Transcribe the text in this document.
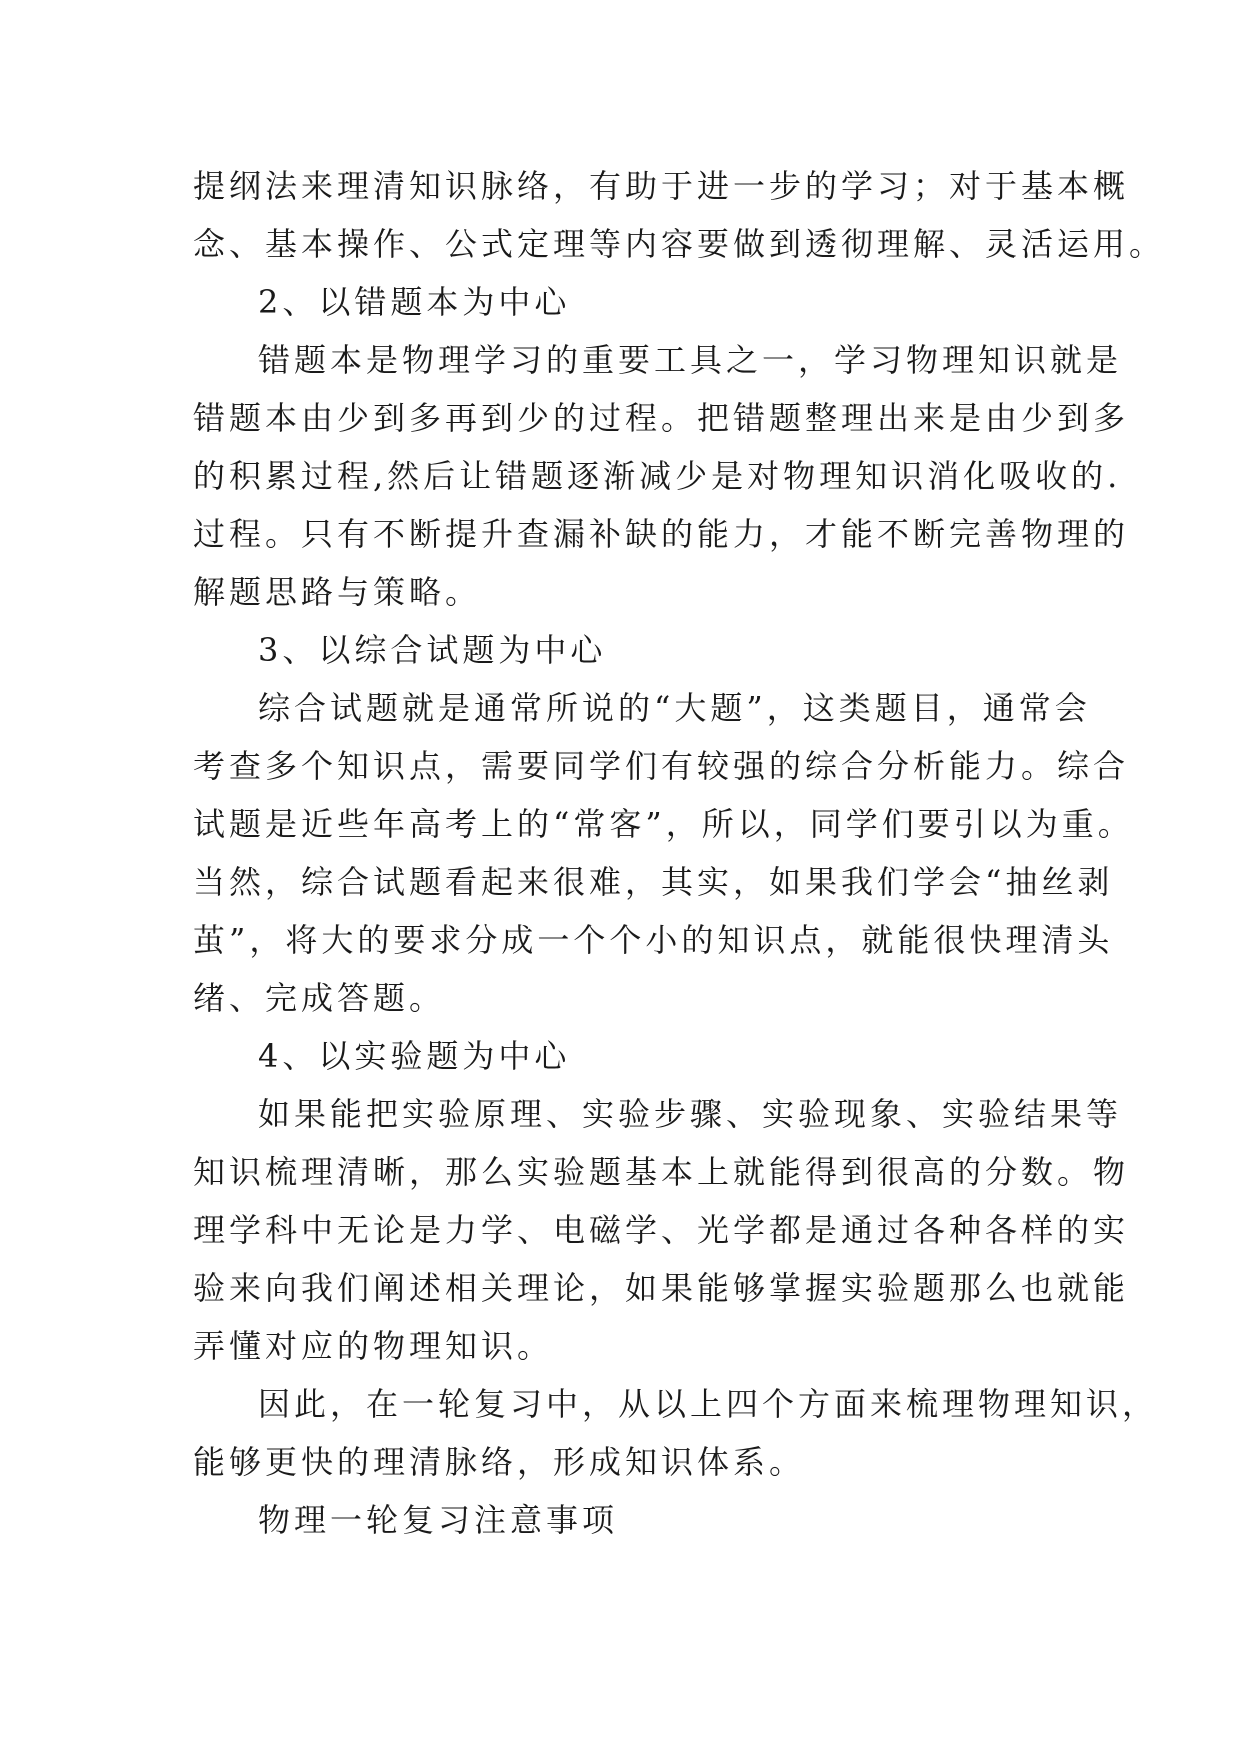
提纲法来理清知识脉络，有助于进一步的学习；对于基本概

念、基本操作、公式定理等内容要做到透彻理解、灵活运用。

2、以错题本为中心

错题本是物理学习的重要工具之一，学习物理知识就是

错题本由少到多再到少的过程。把错题整理出来是由少到多

的积累过程,然后让错题逐渐减少是对物理知识消化吸收的.

过程。只有不断提升查漏补缺的能力，才能不断完善物理的

解题思路与策略。

3、以综合试题为中心

综合试题就是通常所说的“大题”，这类题目，通常会

考查多个知识点，需要同学们有较强的综合分析能力。综合

试题是近些年高考上的“常客”，所以，同学们要引以为重。

当然，综合试题看起来很难，其实，如果我们学会“抽丝剥

茧”，将大的要求分成一个个小的知识点，就能很快理清头

绪、完成答题。

4、以实验题为中心

如果能把实验原理、实验步骤、实验现象、实验结果等

知识梳理清晰，那么实验题基本上就能得到很高的分数。物

理学科中无论是力学、电磁学、光学都是通过各种各样的实

验来向我们阐述相关理论，如果能够掌握实验题那么也就能

弄懂对应的物理知识。

因此，在一轮复习中，从以上四个方面来梳理物理知识，

能够更快的理清脉络，形成知识体系。

物理一轮复习注意事项
